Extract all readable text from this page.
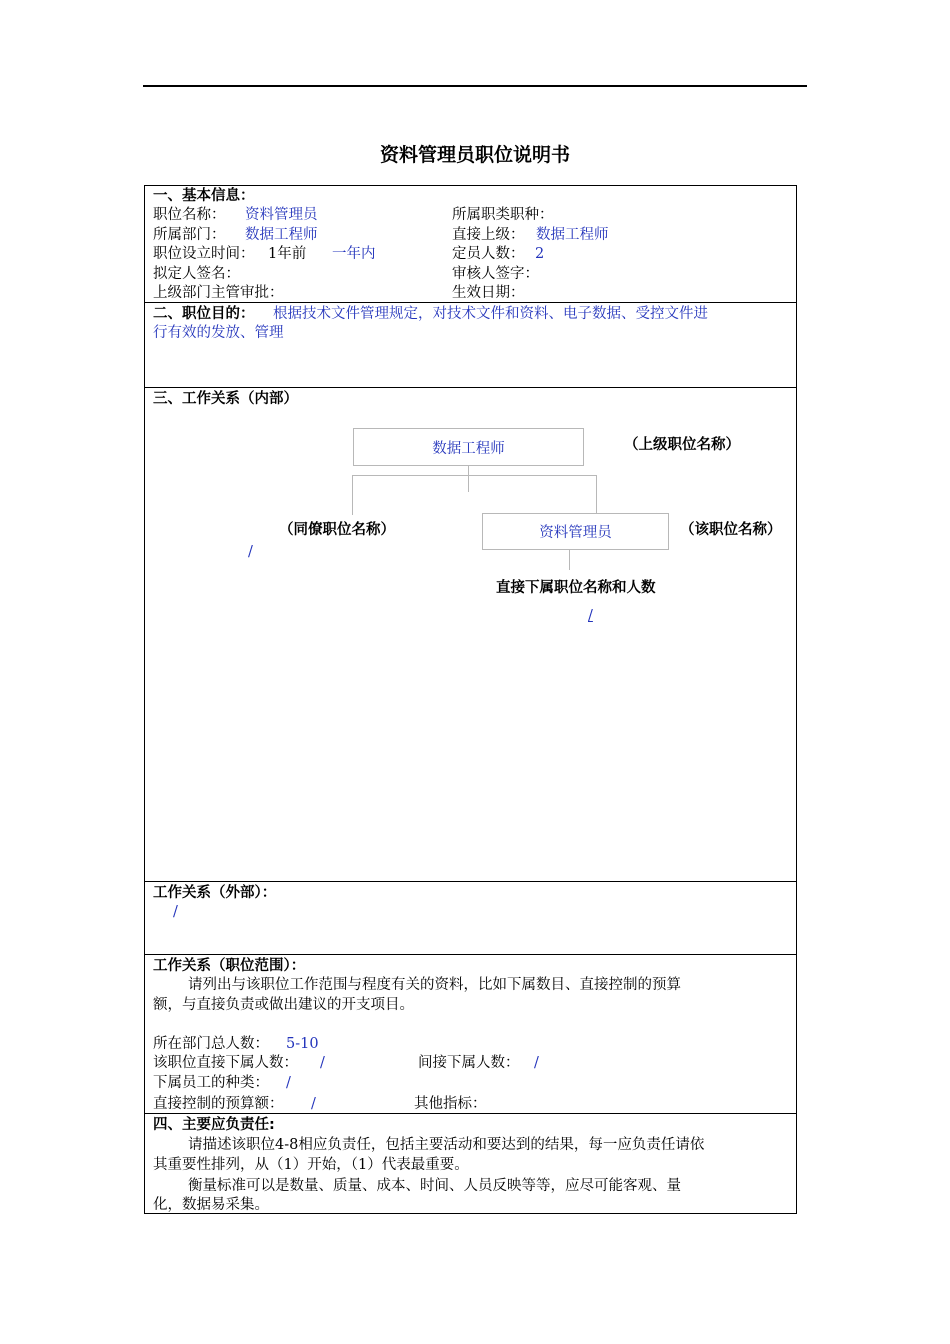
资料管理员职位说明书
一、基本信息：
职位名称： 资料管理员	所属职类职种：
所属部门： 数据工程师	直接上级： 数据工程师
职位设立时间： 1年前 一年内	定员人数： 2
拟定人签名：	审核人签字：
上级部门主管审批：	生效日期：
二、职位目的： 根据技术文件管理规定，对技术文件和资料、电子数据、受控文件进
行有效的发放、管理
三、工作关系（内部）
数据工程师	（上级职位名称）
资料管理员	（该职位名称）
（同僚职位名称）
/
直接下属职位名称和人数
/
工作关系（外部）：
/
工作关系（职位范围）：
请列出与该职位工作范围与程度有关的资料，比如下属数目、直接控制的预算
额，与直接负责或做出建议的开支项目。
所在部门总人数： 5-10
该职位直接下属人数： /	间接下属人数： /
下属员工的种类： /
直接控制的预算额： /	其他指标：
四、主要应负责任:
请描述该职位4-8相应负责任，包括主要活动和要达到的结果，每一应负责任请依
其重要性排列，从（1）开始，（1）代表最重要。
衡量标准可以是数量、质量、成本、时间、人员反映等等，应尽可能客观、量
化，数据易采集。
